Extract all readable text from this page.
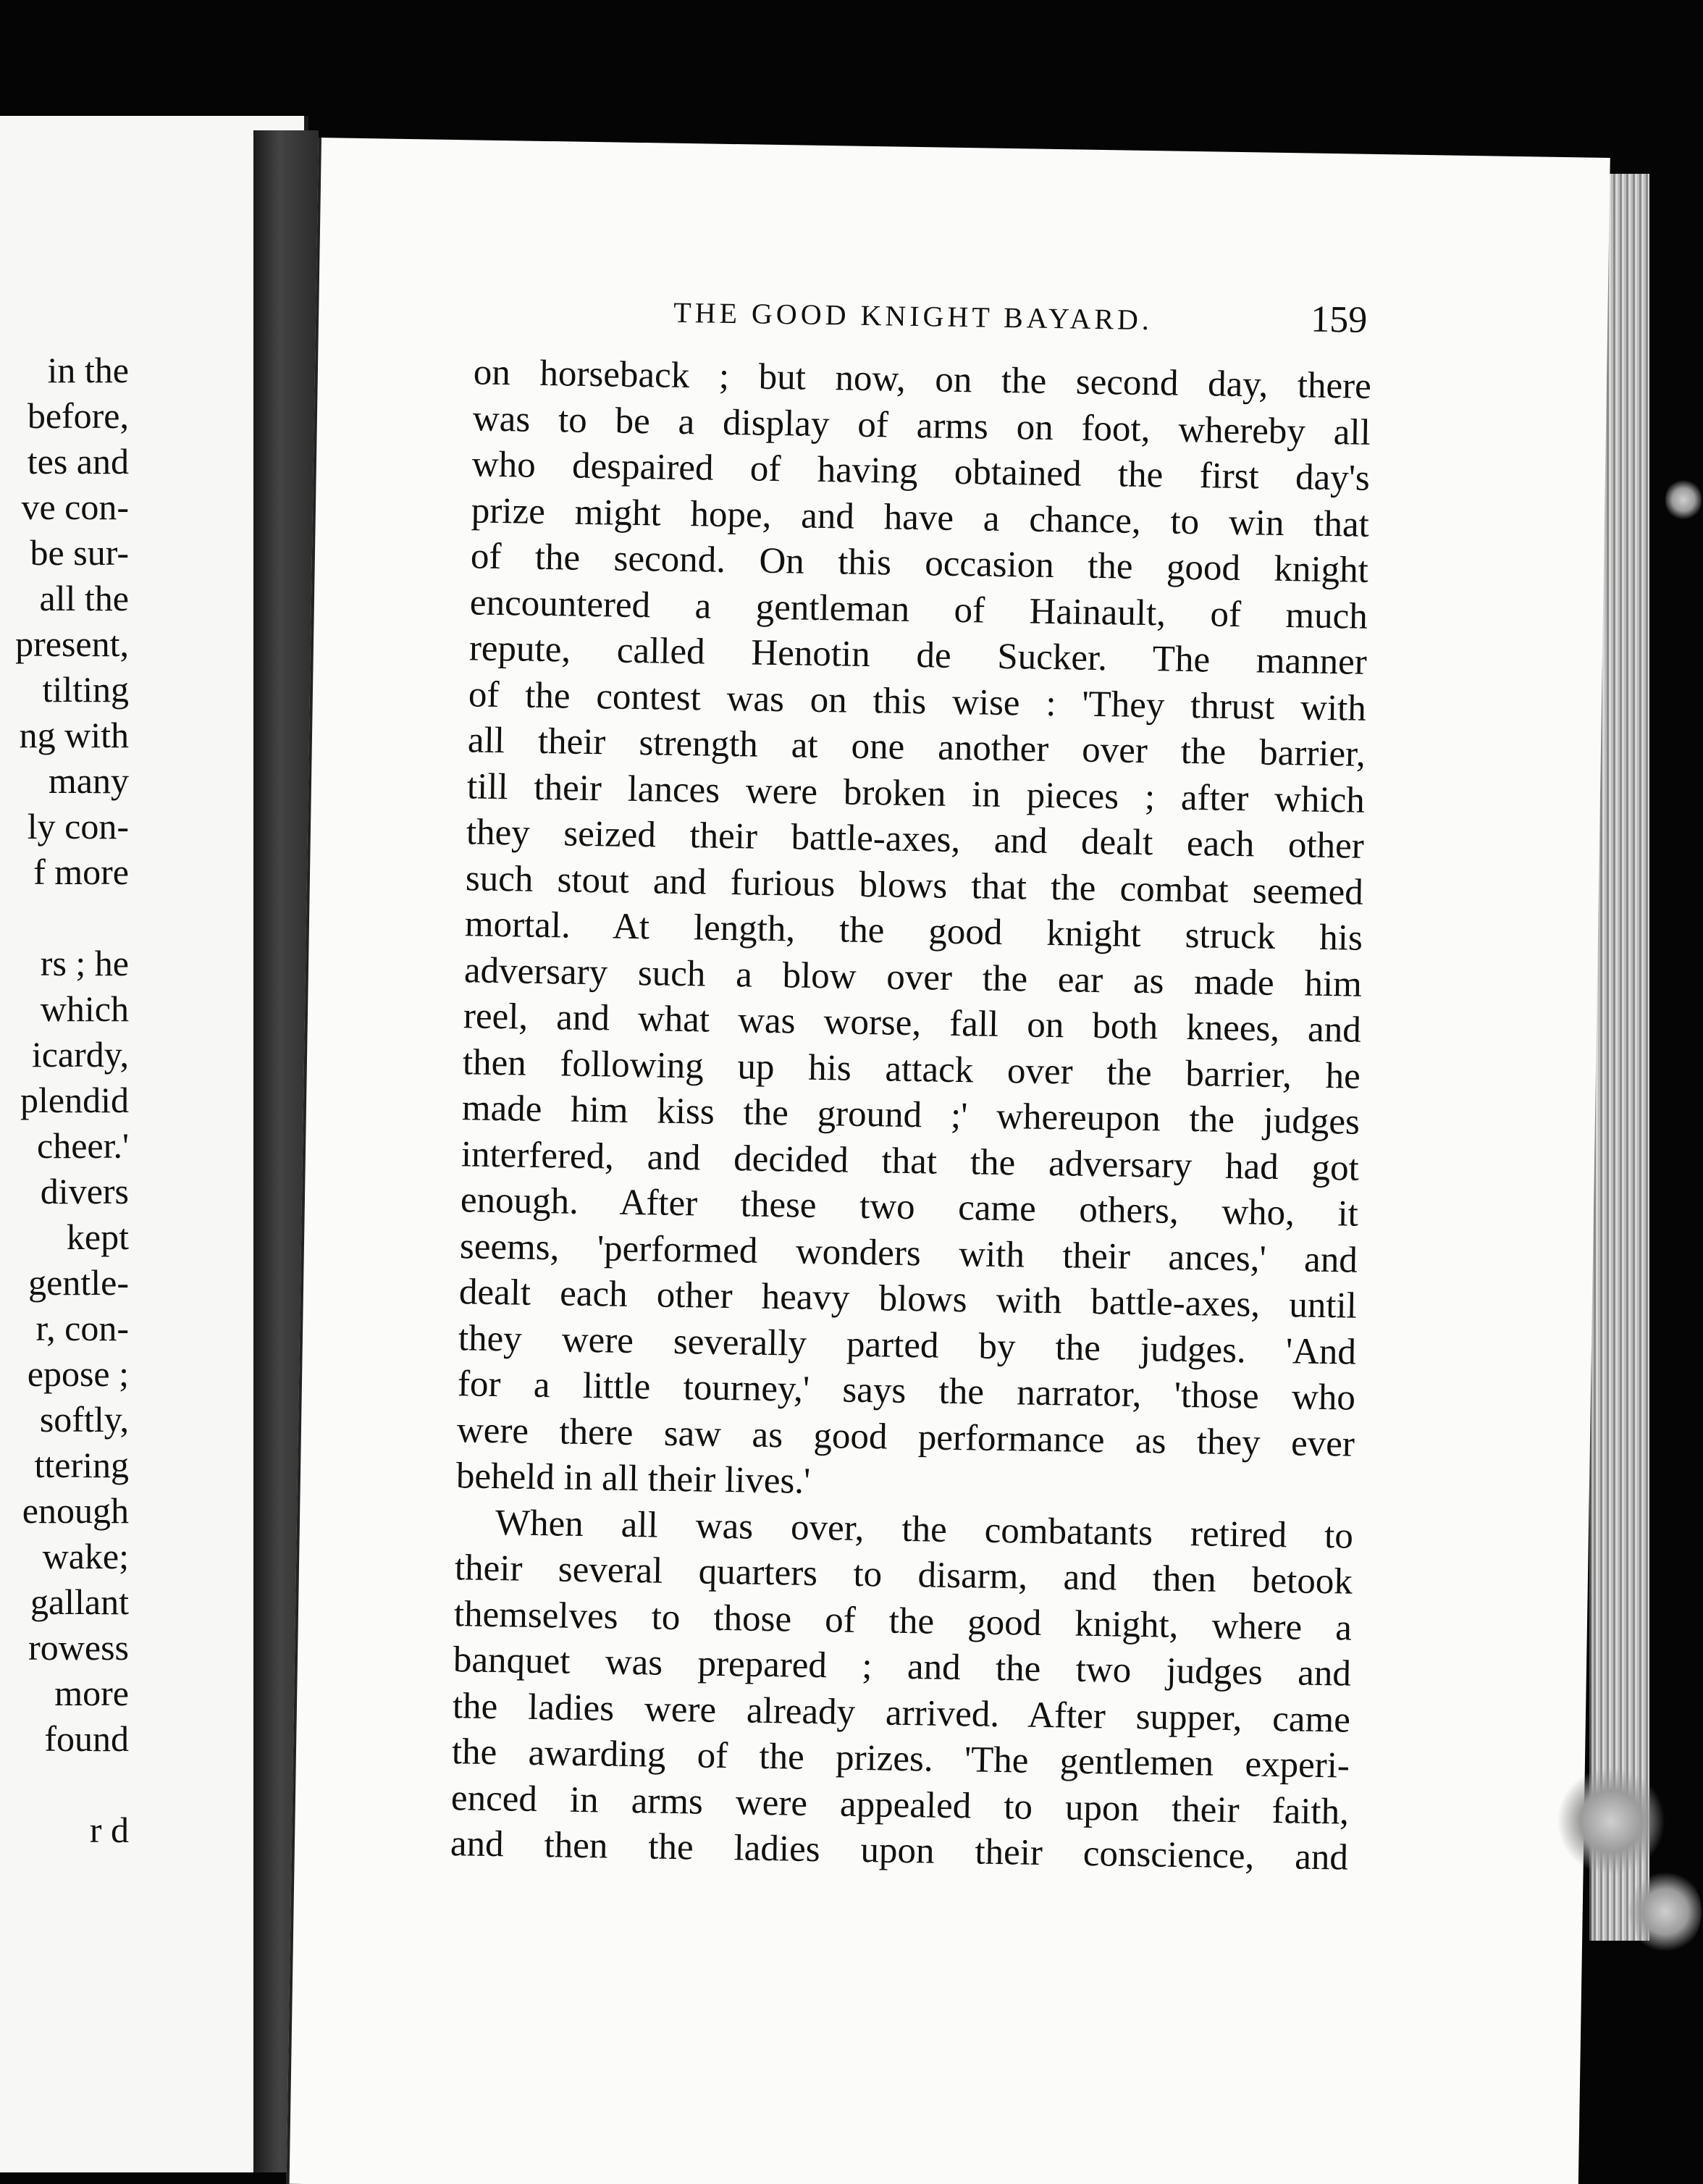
in the
before,
tes and
ve con-
be sur-
all the
present,
tilting
ng with
many
ly con-
f more
rs ; he
which
icardy,
plendid
cheer.'
divers
kept
gentle-
r, con-
epose ;
softly,
ttering
enough
wake;
gallant
rowess
more
found
r d
THE GOOD KNIGHT BAYARD.	159
on horseback ; but now, on the second day, there
was to be a display of arms on foot, whereby all
who despaired of having obtained the first day's
prize might hope, and have a chance, to win that
of the second. On this occasion the good knight
encountered a gentleman of Hainault, of much
repute, called Henotin de Sucker. The manner
of the contest was on this wise : 'They thrust with
all their strength at one another over the barrier,
till their lances were broken in pieces ; after which
they seized their battle-axes, and dealt each other
such stout and furious blows that the combat seemed
mortal. At length, the good knight struck his
adversary such a blow over the ear as made him
reel, and what was worse, fall on both knees, and
then following up his attack over the barrier, he
made him kiss the ground ;' whereupon the judges
interfered, and decided that the adversary had got
enough. After these two came others, who, it
seems, 'performed wonders with their ances,' and
dealt each other heavy blows with battle-axes, until
they were severally parted by the judges. 'And
for a little tourney,' says the narrator, 'those who
were there saw as good performance as they ever
beheld in all their lives.'
When all was over, the combatants retired to
their several quarters to disarm, and then betook
themselves to those of the good knight, where a
banquet was prepared ; and the two judges and
the ladies were already arrived. After supper, came
the awarding of the prizes. 'The gentlemen experi-
enced in arms were appealed to upon their faith,
and then the ladies upon their conscience, and
